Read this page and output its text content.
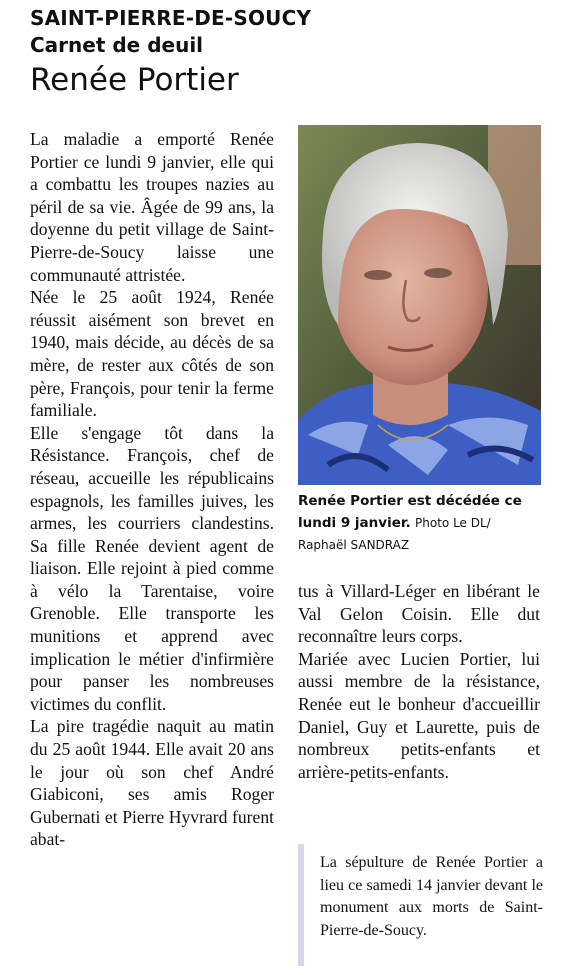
SAINT-PIERRE-DE-SOUCY
Carnet de deuil
Renée Portier

La maladie a emporté Renée Portier ce lundi 9 janvier, elle qui a combattu les troupes nazies au péril de sa vie. Âgée de 99 ans, la doyenne du petit village de Saint-Pierre-de-Soucy laisse une communauté attristée.

Née le 25 août 1924, Renée réussit aisément son brevet en 1940, mais décide, au décès de sa mère, de rester aux côtés de son père, François, pour tenir la ferme familiale.

Elle s'engage tôt dans la Résistance. François, chef de réseau, accueille les républicains espagnols, les familles juives, les armes, les courriers clandestins. Sa fille Renée devient agent de liaison. Elle rejoint à pied comme à vélo la Tarentaise, voire Grenoble. Elle transporte les munitions et apprend avec implication le métier d'infirmière pour panser les nombreuses victimes du conflit.

La pire tragédie naquit au matin du 25 août 1944. Elle avait 20 ans le jour où son chef André Giabiconi, ses amis Roger Gubernati et Pierre Hyvrard furent abat-

Renée Portier est décédée ce lundi 9 janvier. Photo Le DL/ Raphaël SANDRAZ

tus à Villard-Léger en libérant le Val Gelon Coisin. Elle dut reconnaître leurs corps.

Mariée avec Lucien Portier, lui aussi membre de la résistance, Renée eut le bonheur d'accueillir Daniel, Guy et Laurette, puis de nombreux petits-enfants et arrière-petits-enfants.

La sépulture de Renée Portier a lieu ce samedi 14 janvier devant le monument aux morts de Saint-Pierre-de-Soucy.
